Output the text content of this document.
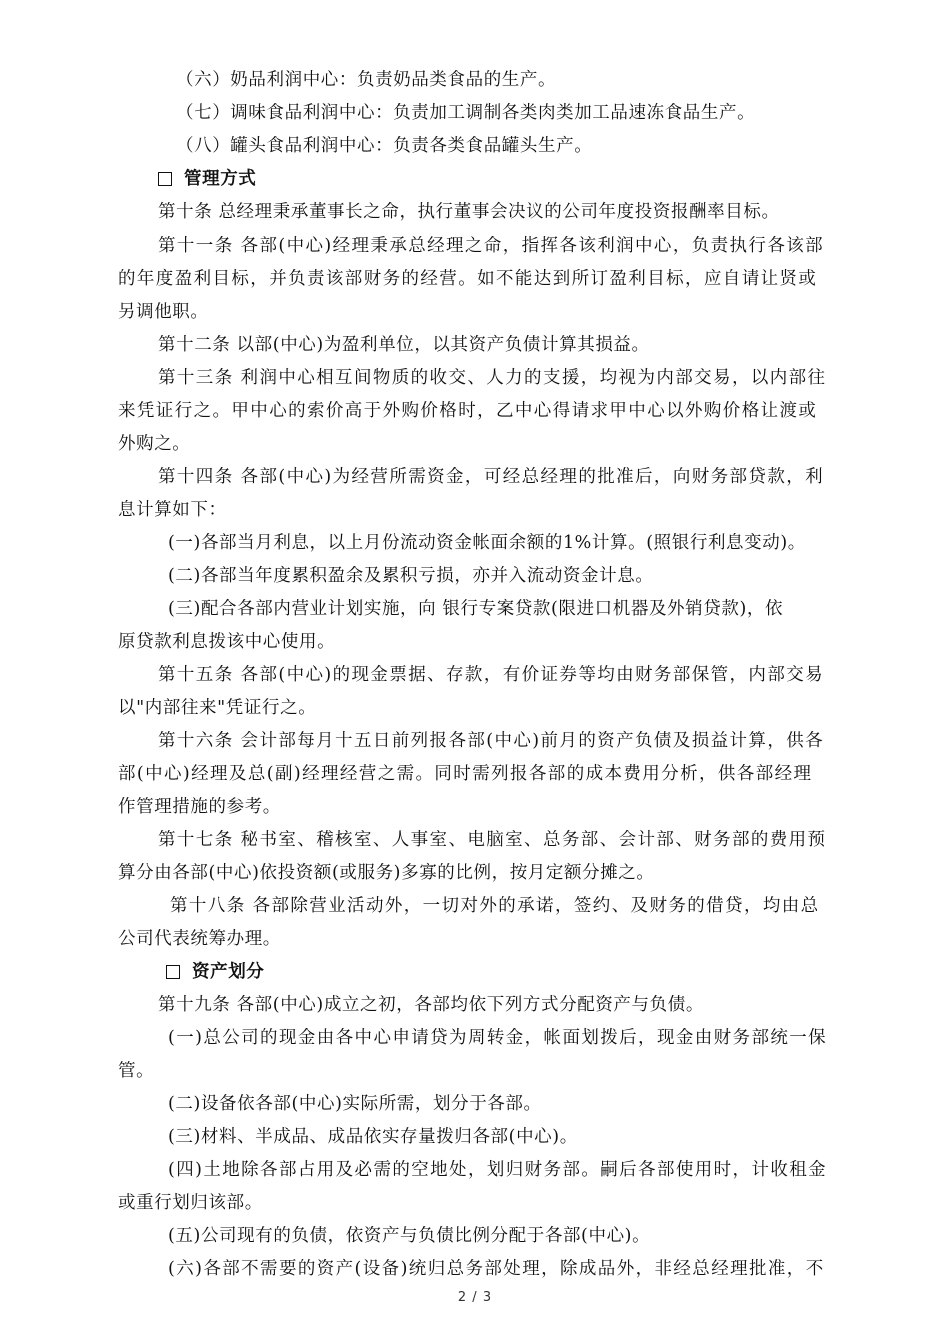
（六）奶品利润中心：负责奶品类食品的生产。
（七）调味食品利润中心：负责加工调制各类肉类加工品速冻食品生产。
（八）罐头食品利润中心：负责各类食品罐头生产。
管理方式
第十条 总经理秉承董事长之命，执行董事会决议的公司年度投资报酬率目标。
第十一条 各部(中心)经理秉承总经理之命，指挥各该利润中心，负责执行各该部
的年度盈利目标，并负责该部财务的经营。如不能达到所订盈利目标，应自请让贤或
另调他职。
第十二条 以部(中心)为盈利单位，以其资产负债计算其损益。
第十三条 利润中心相互间物质的收交、人力的支援，均视为内部交易，以内部往
来凭证行之。甲中心的索价高于外购价格时，乙中心得请求甲中心以外购价格让渡或
外购之。
第十四条 各部(中心)为经营所需资金，可经总经理的批准后，向财务部贷款，利
息计算如下：
(一)各部当月利息，以上月份流动资金帐面余额的1%计算。(照银行利息变动)。
(二)各部当年度累积盈余及累积亏损，亦并入流动资金计息。
(三)配合各部内营业计划实施，向 银行专案贷款(限进口机器及外销贷款)，依
原贷款利息拨该中心使用。
第十五条 各部(中心)的现金票据、存款，有价证券等均由财务部保管，内部交易
以"内部往来"凭证行之。
第十六条 会计部每月十五日前列报各部(中心)前月的资产负债及损益计算，供各
部(中心)经理及总(副)经理经营之需。同时需列报各部的成本费用分析，供各部经理
作管理措施的参考。
第十七条 秘书室、稽核室、人事室、电脑室、总务部、会计部、财务部的费用预
算分由各部(中心)依投资额(或服务)多寡的比例，按月定额分摊之。
第十八条 各部除营业活动外，一切对外的承诺，签约、及财务的借贷，均由总
公司代表统筹办理。
资产划分
第十九条 各部(中心)成立之初，各部均依下列方式分配资产与负债。
(一)总公司的现金由各中心申请贷为周转金，帐面划拨后，现金由财务部统一保
管。
(二)设备依各部(中心)实际所需，划分于各部。
(三)材料、半成品、成品依实存量拨归各部(中心)。
(四)土地除各部占用及必需的空地处，划归财务部。嗣后各部使用时，计收租金
或重行划归该部。
(五)公司现有的负债，依资产与负债比例分配于各部(中心)。
(六)各部不需要的资产(设备)统归总务部处理，除成品外，非经总经理批准，不
2 / 3
